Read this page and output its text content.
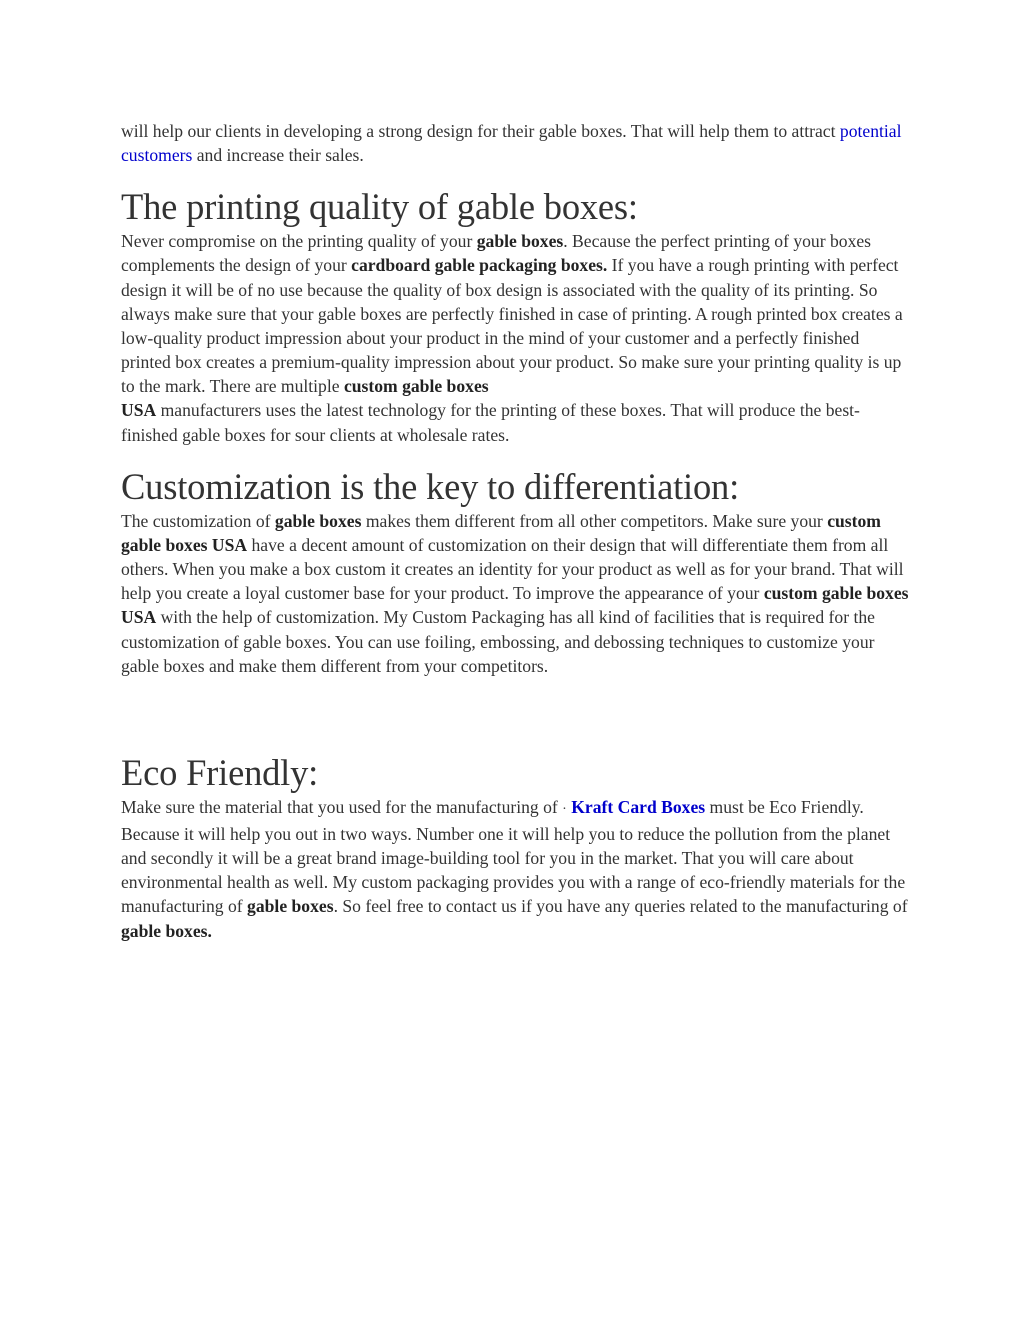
will help our clients in developing a strong design for their gable boxes. That will help them to attract potential customers and increase their sales.

The printing quality of gable boxes:

Never compromise on the printing quality of your gable boxes. Because the perfect printing of your boxes complements the design of your cardboard gable packaging boxes. If you have a rough printing with perfect design it will be of no use because the quality of box design is associated with the quality of its printing. So always make sure that your gable boxes are perfectly finished in case of printing. A rough printed box creates a low-quality product impression about your product in the mind of your customer and a perfectly finished printed box creates a premium-quality impression about your product. So make sure your printing quality is up to the mark. There are multiple custom gable boxes
USA manufacturers uses the latest technology for the printing of these boxes. That will produce the best-finished gable boxes for sour clients at wholesale rates.

Customization is the key to differentiation:

The customization of gable boxes makes them different from all other competitors. Make sure your custom gable boxes USA have a decent amount of customization on their design that will differentiate them from all others. When you make a box custom it creates an identity for your product as well as for your brand. That will help you create a loyal customer base for your product. To improve the appearance of your custom gable boxes USA with the help of customization. My Custom Packaging has all kind of facilities that is required for the customization of gable boxes. You can use foiling, embossing, and debossing techniques to customize your gable boxes and make them different from your competitors.

Eco Friendly:

Make sure the material that you used for the manufacturing of · Kraft Card Boxes must be Eco Friendly. Because it will help you out in two ways. Number one it will help you to reduce the pollution from the planet and secondly it will be a great brand image-building tool for you in the market. That you will care about environmental health as well. My custom packaging provides you with a range of eco-friendly materials for the manufacturing of gable boxes. So feel free to contact us if you have any queries related to the manufacturing of gable boxes.
